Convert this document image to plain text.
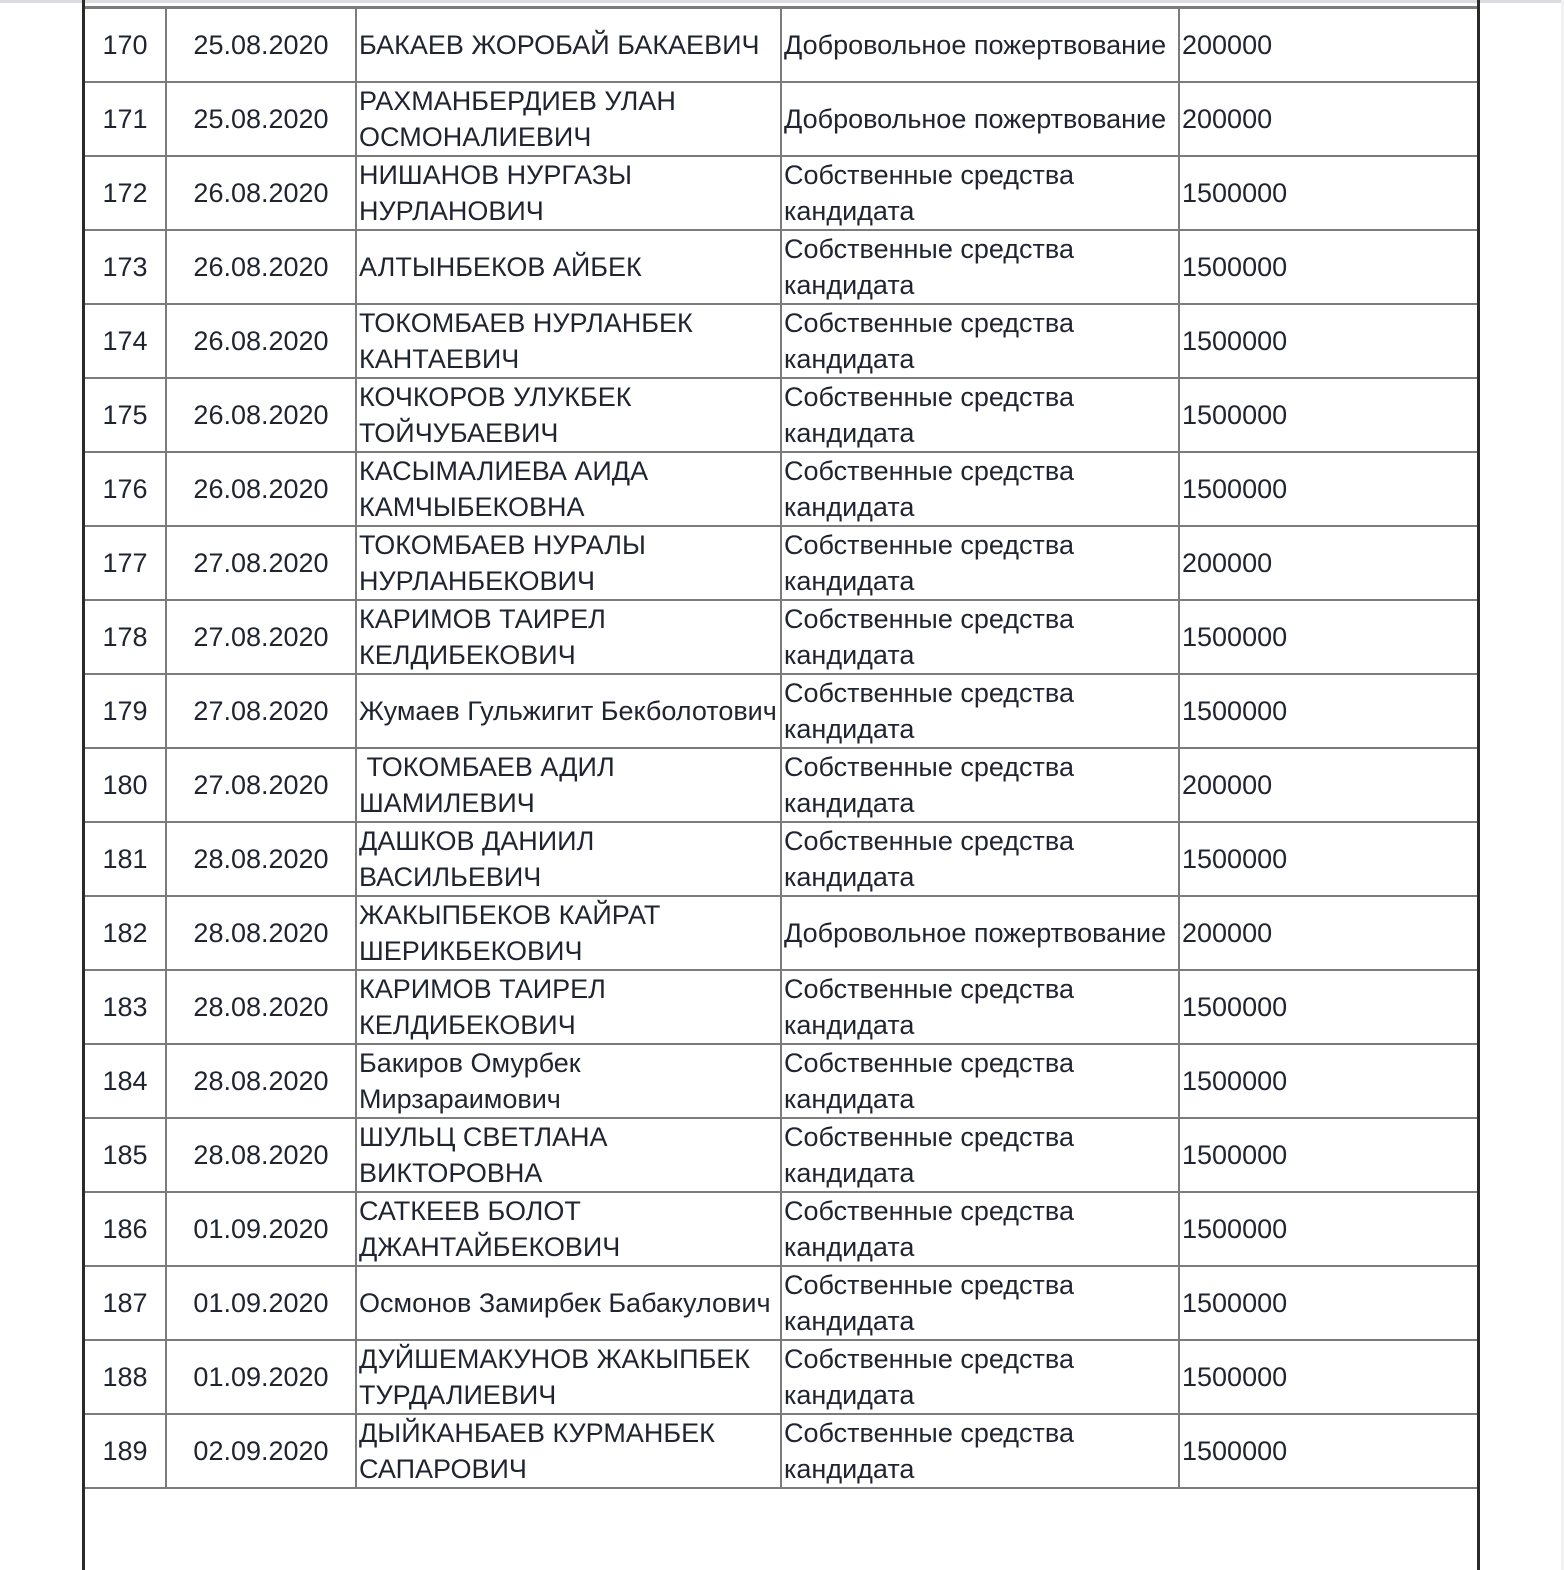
170	25.08.2020	БАКАЕВ ЖОРОБАЙ БАКАЕВИЧ	Добровольное пожертвование	200000
171	25.08.2020	РАХМАНБЕРДИЕВ УЛАН ОСМОНАЛИЕВИЧ	Добровольное пожертвование	200000
172	26.08.2020	НИШАНОВ НУРГАЗЫ НУРЛАНОВИЧ	Собственные средства кандидата	1500000
173	26.08.2020	АЛТЫНБЕКОВ АЙБЕК	Собственные средства кандидата	1500000
174	26.08.2020	ТОКОМБАЕВ НУРЛАНБЕК КАНТАЕВИЧ	Собственные средства кандидата	1500000
175	26.08.2020	КОЧКОРОВ УЛУКБЕК ТОЙЧУБАЕВИЧ	Собственные средства кандидата	1500000
176	26.08.2020	КАСЫМАЛИЕВА АИДА КАМЧЫБЕКОВНА	Собственные средства кандидата	1500000
177	27.08.2020	ТОКОМБАЕВ НУРАЛЫ НУРЛАНБЕКОВИЧ	Собственные средства кандидата	200000
178	27.08.2020	КАРИМОВ ТАИРЕЛ КЕЛДИБЕКОВИЧ	Собственные средства кандидата	1500000
179	27.08.2020	Жумаев Гульжигит Бекболотович	Собственные средства кандидата	1500000
180	27.08.2020	ТОКОМБАЕВ АДИЛ ШАМИЛЕВИЧ	Собственные средства кандидата	200000
181	28.08.2020	ДАШКОВ ДАНИИЛ ВАСИЛЬЕВИЧ	Собственные средства кандидата	1500000
182	28.08.2020	ЖАКЫПБЕКОВ КАЙРАТ ШЕРИКБЕКОВИЧ	Добровольное пожертвование	200000
183	28.08.2020	КАРИМОВ ТАИРЕЛ КЕЛДИБЕКОВИЧ	Собственные средства кандидата	1500000
184	28.08.2020	Бакиров Омурбек Мирзараимович	Собственные средства кандидата	1500000
185	28.08.2020	ШУЛЬЦ СВЕТЛАНА ВИКТОРОВНА	Собственные средства кандидата	1500000
186	01.09.2020	САТКЕЕВ БОЛОТ ДЖАНТАЙБЕКОВИЧ	Собственные средства кандидата	1500000
187	01.09.2020	Осмонов Замирбек Бабакулович	Собственные средства кандидата	1500000
188	01.09.2020	ДУЙШЕМАКУНОВ ЖАКЫПБЕК ТУРДАЛИЕВИЧ	Собственные средства кандидата	1500000
189	02.09.2020	ДЫЙКАНБАЕВ КУРМАНБЕК САПАРОВИЧ	Собственные средства кандидата	1500000
